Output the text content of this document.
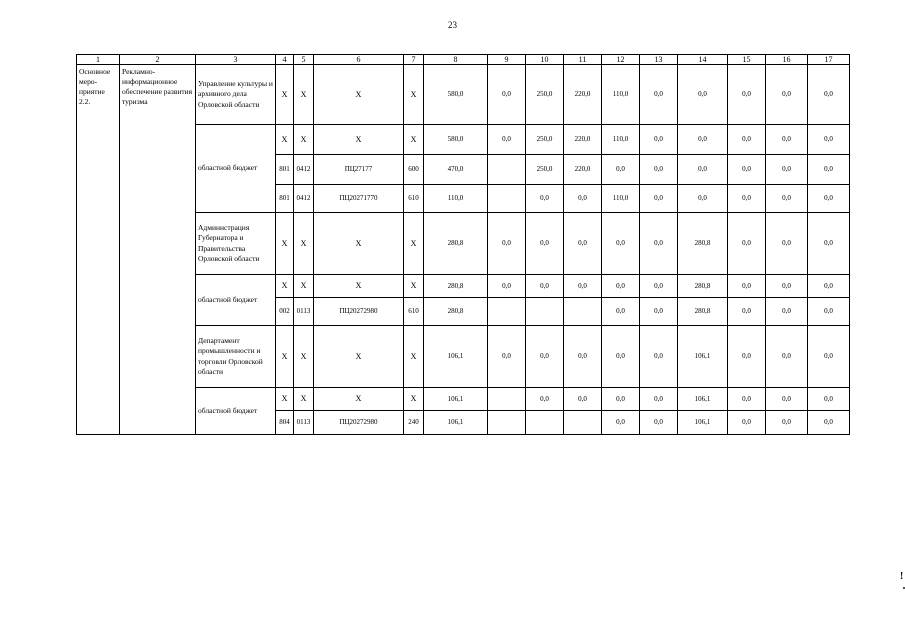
23
1	2	3	4	5	6	7	8	9	10	11	12	13	14	15	16	17
Основное меро-приятие 2.2.	Рекламно-информационное обеспечение развития туризма	Управление культуры и архивного дела Орловской области	Х	Х	Х	Х	580,0	0,0	250,0	220,0	110,0	0,0	0,0	0,0	0,0	0,0
		областной бюджет	Х	Х	Х	Х	580,0	0,0	250,0	220,0	110,0	0,0	0,0	0,0	0,0	0,0
			801	0412	ПЦ27177	600	470,0		250,0	220,0	0,0	0,0	0,0	0,0	0,0	0,0
			801	0412	ПЦ20271770	610	110,0		0,0	0,0	110,0	0,0	0,0	0,0	0,0	0,0
		Администрация Губернатора и Правительства Орловской области	Х	Х	Х	Х	280,8	0,0	0,0	0,0	0,0	0,0	280,8	0,0	0,0	0,0
		областной бюджет	Х	Х	Х	Х	280,8	0,0	0,0	0,0	0,0	0,0	280,8	0,0	0,0	0,0
			002	0113	ПЦ20272980	610	280,8				0,0	0,0	280,8	0,0	0,0	0,0
		Департамент промышленности и торговли Орловской области	Х	Х	Х	Х	106,1	0,0	0,0	0,0	0,0	0,0	106,1	0,0	0,0	0,0
		областной бюджет	Х	Х	Х	Х	106,1		0,0	0,0	0,0	0,0	106,1	0,0	0,0	0,0
			804	0113	ПЦ20272980	240	106,1				0,0	0,0	106,1	0,0	0,0	0,0
!
